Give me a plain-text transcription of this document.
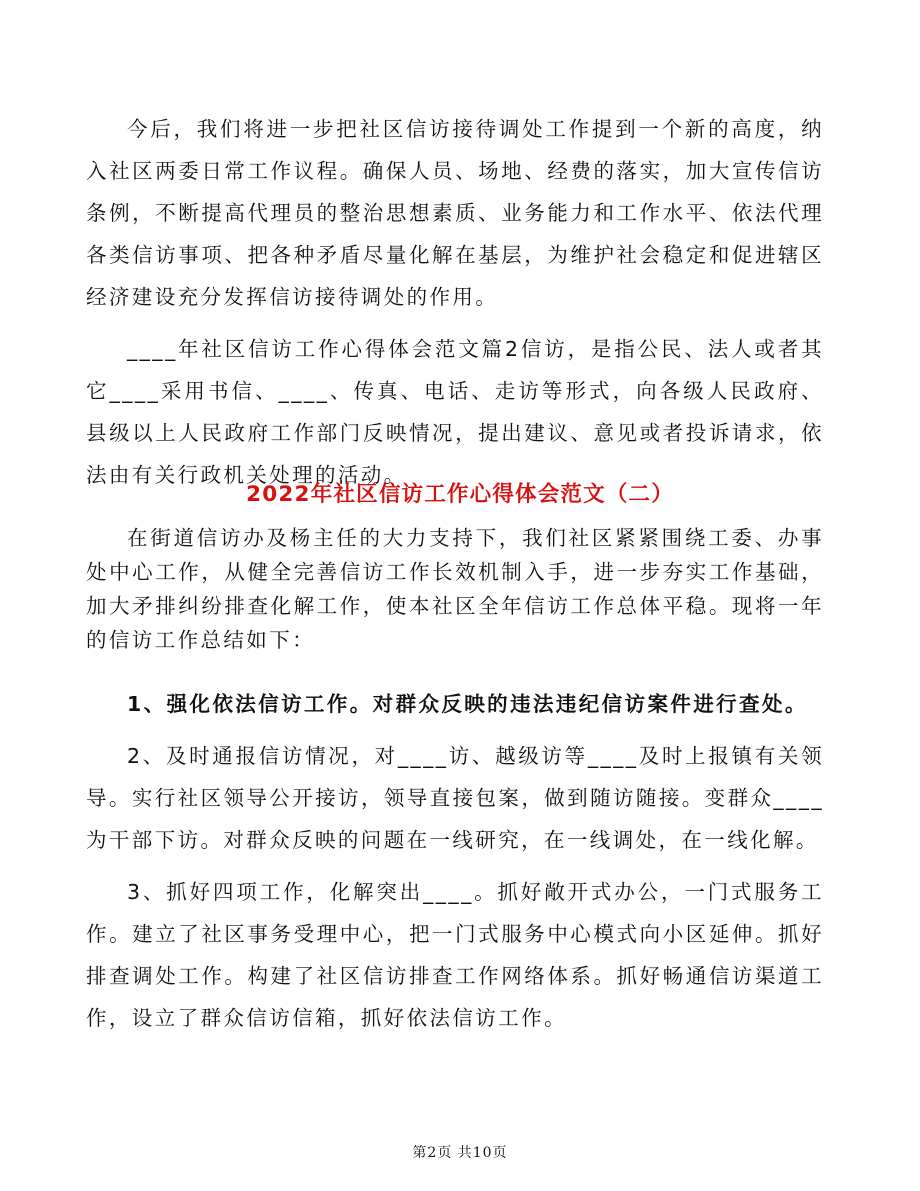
今后，我们将进一步把社区信访接待调处工作提到一个新的高度，纳入社区两委日常工作议程。确保人员、场地、经费的落实，加大宣传信访条例，不断提高代理员的整治思想素质、业务能力和工作水平、依法代理各类信访事项、把各种矛盾尽量化解在基层，为维护社会稳定和促进辖区经济建设充分发挥信访接待调处的作用。

____年社区信访工作心得体会范文篇2信访，是指公民、法人或者其它____采用书信、____、传真、电话、走访等形式，向各级人民政府、县级以上人民政府工作部门反映情况，提出建议、意见或者投诉请求，依法由有关行政机关处理的活动。

2022年社区信访工作心得体会范文（二）

在街道信访办及杨主任的大力支持下，我们社区紧紧围绕工委、办事处中心工作，从健全完善信访工作长效机制入手，进一步夯实工作基础，加大矛排纠纷排查化解工作，使本社区全年信访工作总体平稳。现将一年的信访工作总结如下：

1、强化依法信访工作。对群众反映的违法违纪信访案件进行查处。

2、及时通报信访情况，对____访、越级访等____及时上报镇有关领导。实行社区领导公开接访，领导直接包案，做到随访随接。变群众____为干部下访。对群众反映的问题在一线研究，在一线调处，在一线化解。

3、抓好四项工作，化解突出____。抓好敞开式办公，一门式服务工作。建立了社区事务受理中心，把一门式服务中心模式向小区延伸。抓好排查调处工作。构建了社区信访排查工作网络体系。抓好畅通信访渠道工作，设立了群众信访信箱，抓好依法信访工作。

第2页 共10页
